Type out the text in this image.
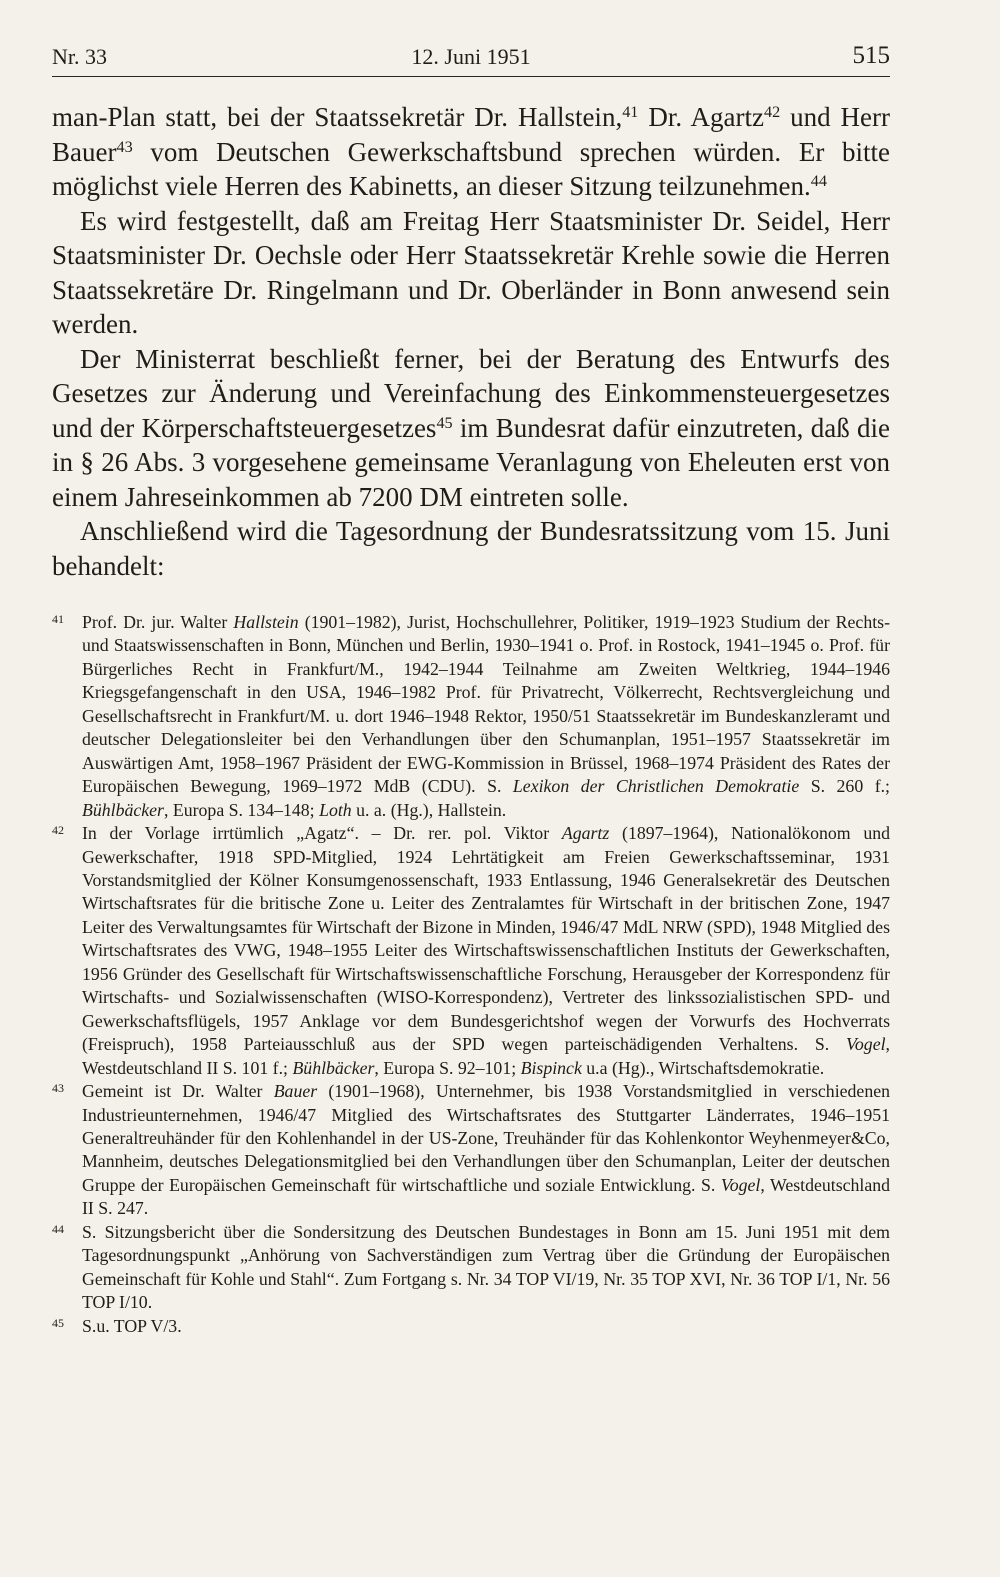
Nr. 33	12. Juni 1951	515

man-Plan statt, bei der Staatssekretär Dr. Hallstein,$^{41}$ Dr. Agartz$^{42}$ und Herr Bauer$^{43}$ vom Deutschen Gewerkschaftsbund sprechen würden. Er bitte möglichst viele Herren des Kabinetts, an dieser Sitzung teilzunehmen.$^{44}$

Es wird festgestellt, daß am Freitag Herr Staatsminister Dr. Seidel, Herr Staatsminister Dr. Oechsle oder Herr Staatssekretär Krehle sowie die Herren Staatssekretäre Dr. Ringelmann und Dr. Oberländer in Bonn anwesend sein werden.

Der Ministerrat beschließt ferner, bei der Beratung des Entwurfs des Gesetzes zur Änderung und Vereinfachung des Einkommensteuergesetzes und der Körperschaftsteuergesetzes$^{45}$ im Bundesrat dafür einzutreten, daß die in § 26 Abs. 3 vorgesehene gemeinsame Veranlagung von Eheleuten erst von einem Jahreseinkommen ab 7200 DM eintreten solle.

Anschließend wird die Tagesordnung der Bundesratssitzung vom 15. Juni behandelt:

41 Prof. Dr. jur. Walter Hallstein (1901–1982), Jurist, Hochschullehrer, Politiker, 1919–1923 Studium der Rechts- und Staatswissenschaften in Bonn, München und Berlin, 1930–1941 o. Prof. in Rostock, 1941–1945 o. Prof. für Bürgerliches Recht in Frankfurt/M., 1942–1944 Teilnahme am Zweiten Weltkrieg, 1944–1946 Kriegsgefangenschaft in den USA, 1946–1982 Prof. für Privatrecht, Völkerrecht, Rechtsvergleichung und Gesellschaftsrecht in Frankfurt/M. u. dort 1946–1948 Rektor, 1950/51 Staatssekretär im Bundeskanzleramt und deutscher Delegationsleiter bei den Verhandlungen über den Schumanplan, 1951–1957 Staatssekretär im Auswärtigen Amt, 1958–1967 Präsident der EWG-Kommission in Brüssel, 1968–1974 Präsident des Rates der Europäischen Bewegung, 1969–1972 MdB (CDU). S. Lexikon der Christlichen Demokratie S. 260 f.; Bühlbäcker, Europa S. 134–148; Loth u. a. (Hg.), Hallstein.

42 In der Vorlage irrtümlich „Agatz“. – Dr. rer. pol. Viktor Agartz (1897–1964), Nationalökonom und Gewerkschafter, 1918 SPD-Mitglied, 1924 Lehrtätigkeit am Freien Gewerkschaftsseminar, 1931 Vorstandsmitglied der Kölner Konsumgenossenschaft, 1933 Entlassung, 1946 Generalsekretär des Deutschen Wirtschaftsrates für die britische Zone u. Leiter des Zentralamtes für Wirtschaft in der britischen Zone, 1947 Leiter des Verwaltungsamtes für Wirtschaft der Bizone in Minden, 1946/47 MdL NRW (SPD), 1948 Mitglied des Wirtschaftsrates des VWG, 1948–1955 Leiter des Wirtschaftswissenschaftlichen Instituts der Gewerkschaften, 1956 Gründer des Gesellschaft für Wirtschaftswissenschaftliche Forschung, Herausgeber der Korrespondenz für Wirtschafts- und Sozialwissenschaften (WISO-Korrespondenz), Vertreter des linkssozialistischen SPD- und Gewerkschaftsflügels, 1957 Anklage vor dem Bundesgerichtshof wegen der Vorwurfs des Hochverrats (Freispruch), 1958 Parteiausschluß aus der SPD wegen parteischädigenden Verhaltens. S. Vogel, Westdeutschland II S. 101 f.; Bühlbäcker, Europa S. 92–101; Bispinck u.a (Hg)., Wirtschaftsdemokratie.

43 Gemeint ist Dr. Walter Bauer (1901–1968), Unternehmer, bis 1938 Vorstandsmitglied in verschiedenen Industrieunternehmen, 1946/47 Mitglied des Wirtschaftsrates des Stuttgarter Länderrates, 1946–1951 Generaltreuhänder für den Kohlenhandel in der US-Zone, Treuhänder für das Kohlenkontor Weyhenmeyer&Co, Mannheim, deutsches Delegationsmitglied bei den Verhandlungen über den Schumanplan, Leiter der deutschen Gruppe der Europäischen Gemeinschaft für wirtschaftliche und soziale Entwicklung. S. Vogel, Westdeutschland II S. 247.

44 S. Sitzungsbericht über die Sondersitzung des Deutschen Bundestages in Bonn am 15. Juni 1951 mit dem Tagesordnungspunkt „Anhörung von Sachverständigen zum Vertrag über die Gründung der Europäischen Gemeinschaft für Kohle und Stahl“. Zum Fortgang s. Nr. 34 TOP VI/19, Nr. 35 TOP XVI, Nr. 36 TOP I/1, Nr. 56 TOP I/10.

45 S.u. TOP V/3.
